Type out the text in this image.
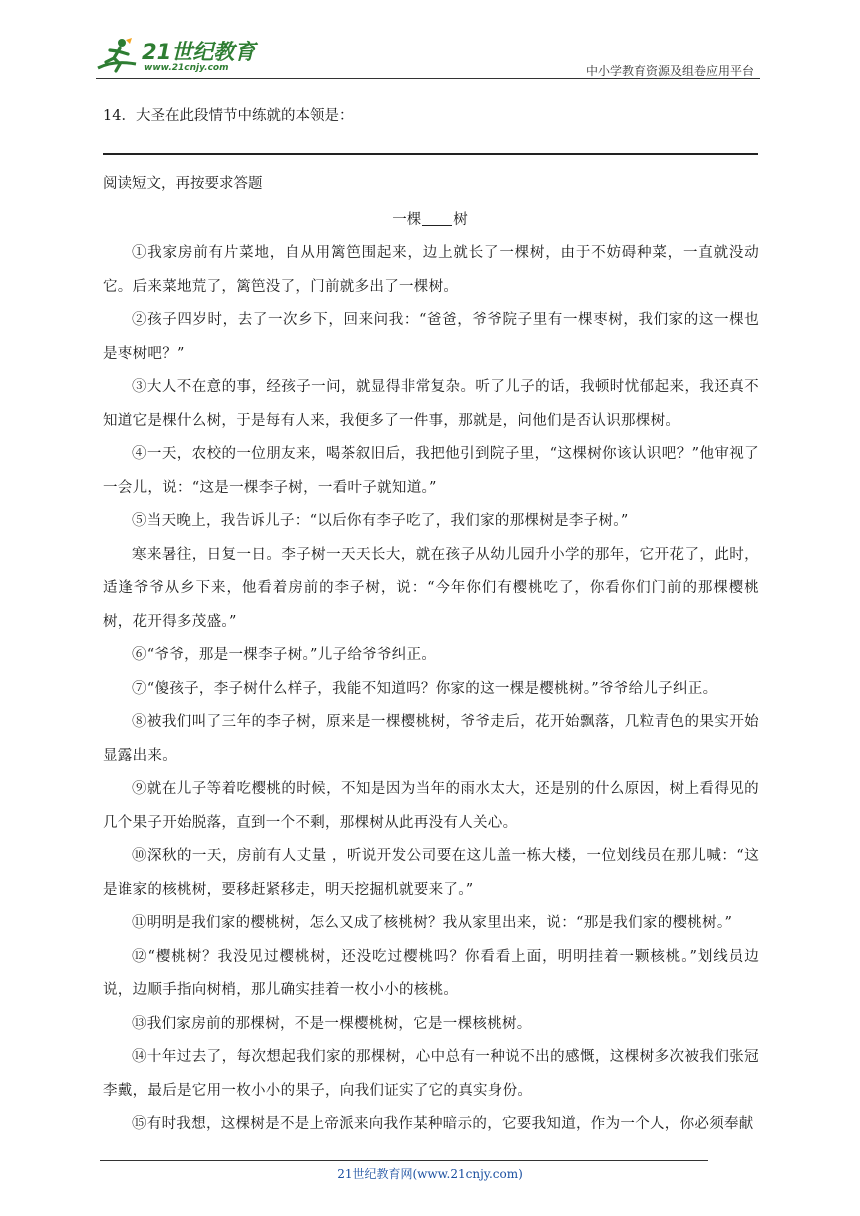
21世纪教育
www.21cnjy.com	中小学教育资源及组卷应用平台
14．大圣在此段情节中练就的本领是：
阅读短文，再按要求答题
一棵 树

①我家房前有片菜地，自从用篱笆围起来，边上就长了一棵树，由于不妨碍种菜，一直就没动它。后来菜地荒了，篱笆没了，门前就多出了一棵树。

②孩子四岁时，去了一次乡下，回来问我：“爸爸，爷爷院子里有一棵枣树，我们家的这一棵也是枣树吧？”

③大人不在意的事，经孩子一问，就显得非常复杂。听了儿子的话，我顿时忧郁起来，我还真不知道它是棵什么树，于是每有人来，我便多了一件事，那就是，问他们是否认识那棵树。

④一天，农校的一位朋友来，喝茶叙旧后，我把他引到院子里，“这棵树你该认识吧？”他审视了一会儿，说：“这是一棵李子树，一看叶子就知道。”

⑤当天晚上，我告诉儿子：“以后你有李子吃了，我们家的那棵树是李子树。”

寒来暑往，日复一日。李子树一天天长大，就在孩子从幼儿园升小学的那年，它开花了，此时，适逢爷爷从乡下来，他看着房前的李子树，说：“今年你们有樱桃吃了，你看你们门前的那棵樱桃树，花开得多茂盛。”

⑥“爷爷，那是一棵李子树。”儿子给爷爷纠正。

⑦“傻孩子，李子树什么样子，我能不知道吗？你家的这一棵是樱桃树。”爷爷给儿子纠正。

⑧被我们叫了三年的李子树，原来是一棵樱桃树，爷爷走后，花开始飘落，几粒青色的果实开始显露出来。

⑨就在儿子等着吃樱桃的时候，不知是因为当年的雨水太大，还是别的什么原因，树上看得见的几个果子开始脱落，直到一个不剩，那棵树从此再没有人关心。

⑩深秋的一天，房前有人丈量 ，听说开发公司要在这儿盖一栋大楼，一位划线员在那儿喊：“这是谁家的核桃树，要移赶紧移走，明天挖掘机就要来了。”

⑪明明是我们家的樱桃树，怎么又成了核桃树？我从家里出来，说：“那是我们家的樱桃树。”

⑫“樱桃树？我没见过樱桃树，还没吃过樱桃吗？你看看上面，明明挂着一颗核桃。”划线员边说，边顺手指向树梢，那儿确实挂着一枚小小的核桃。

⑬我们家房前的那棵树，不是一棵樱桃树，它是一棵核桃树。

⑭十年过去了，每次想起我们家的那棵树，心中总有一种说不出的感慨，这棵树多次被我们张冠李戴，最后是它用一枚小小的果子，向我们证实了它的真实身份。

⑮有时我想，这棵树是不是上帝派来向我作某种暗示的，它要我知道，作为一个人，你必须奉献

21世纪教育网(www.21cnjy.com)
